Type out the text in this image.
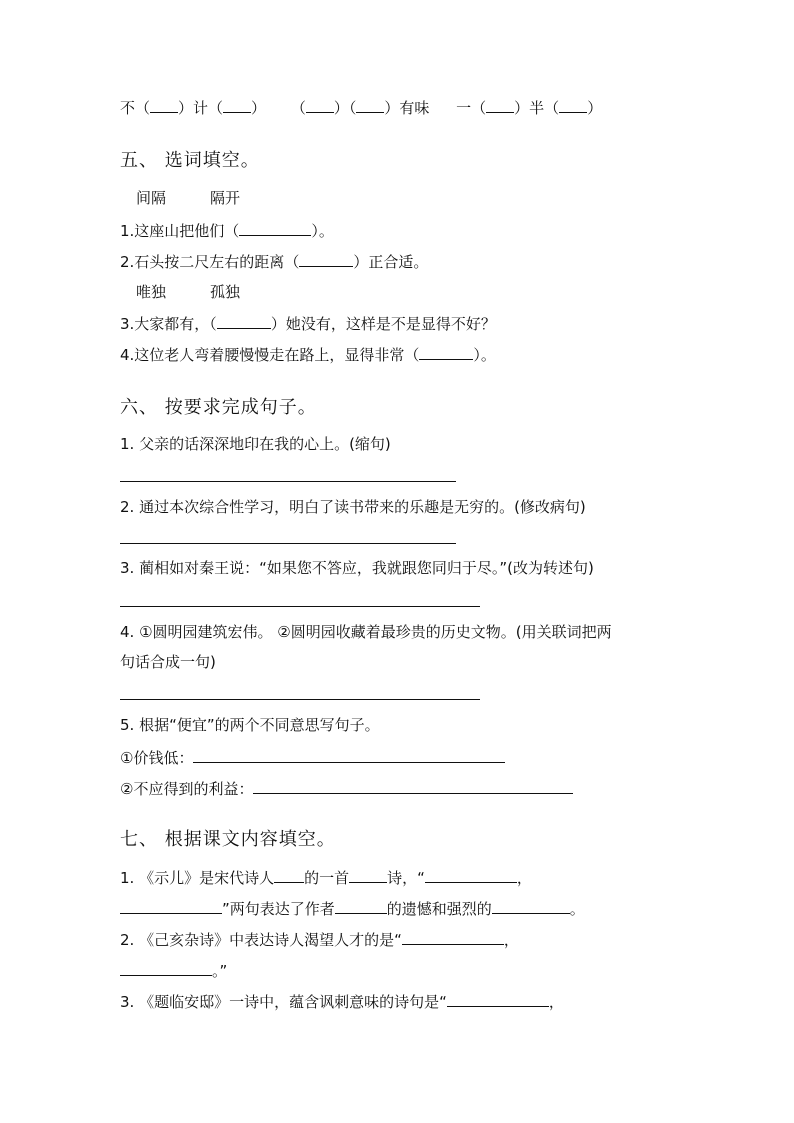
不（ ）计（ ） （ ）（ ）有味 一（ ）半（ ）
五、 选词填空。
间隔	隔开
1.这座山把他们（	）。
2.石头按二尺左右的距离（	）正合适。
唯独	孤独
3.大家都有，（	）她没有，这样是不是显得不好？
4.这位老人弯着腰慢慢走在路上，显得非常（	）。
六、 按要求完成句子。
1. 父亲的话深深地印在我的心上。(缩句)
2. 通过本次综合性学习，明白了读书带来的乐趣是无穷的。(修改病句)
3. 蔺相如对秦王说：“如果您不答应，我就跟您同归于尽。”(改为转述句)
4. ①圆明园建筑宏伟。 ②圆明园收藏着最珍贵的历史文物。(用关联词把两
句话合成一句)
5. 根据“便宜”的两个不同意思写句子。
①价钱低：
②不应得到的利益：
七、 根据课文内容填空。
1. 《示儿》是宋代诗人 的一首	诗，“	，
”两句表达了作者	的遗憾和强烈的	。
2. 《己亥杂诗》中表达诗人渴望人才的是“	，
。”
3. 《题临安邸》一诗中，蕴含讽刺意味的诗句是“	，
